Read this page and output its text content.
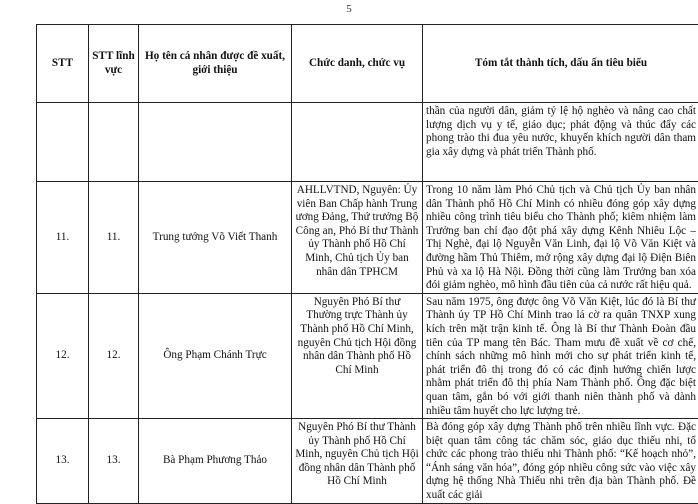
5
STT	STT lĩnh vực	Họ tên cá nhân được đề xuất, giới thiệu	Chức danh, chức vụ	Tóm tắt thành tích, dấu ấn tiêu biểu
				thần của người dân, giảm tỷ lệ hộ nghèo và nâng cao chất lượng dịch vụ y tế, giáo dục; phát động và thúc đẩy các phong trào thi đua yêu nước, khuyến khích người dân tham gia xây dựng và phát triển Thành phố.
11.	11.	Trung tướng Võ Viết Thanh	AHLLVTND, Nguyên: Ủy viên Ban Chấp hành Trung ương Đảng, Thứ trưởng Bộ Công an, Phó Bí thư Thành ủy Thành phố Hồ Chí Minh, Chủ tịch Ủy ban nhân dân TPHCM	Trong 10 năm làm Phó Chủ tịch và Chủ tịch Ủy ban nhân dân Thành phố Hồ Chí Minh có nhiều đóng góp xây dựng nhiều công trình tiêu biểu cho Thành phố; kiêm nhiệm làm Trưởng ban chỉ đạo đột phá xây dựng Kênh Nhiêu Lộc – Thị Nghè, đại lộ Nguyễn Văn Linh, đại lộ Võ Văn Kiệt và đường hầm Thủ Thiêm, mở rộng xây dựng đại lộ Điện Biên Phủ và xa lộ Hà Nội. Đồng thời cũng làm Trưởng ban xóa đói giảm nghèo, mô hình đầu tiên của cả nước rất hiệu quả.
12.	12.	Ông Phạm Chánh Trực	Nguyên Phó Bí thư Thường trực Thành ủy Thành phố Hồ Chí Minh, nguyên Chủ tịch Hội đồng nhân dân Thành phố Hồ Chí Minh	Sau năm 1975, ông được ông Võ Văn Kiệt, lúc đó là Bí thư Thành ủy TP Hồ Chí Minh trao lá cờ ra quân TNXP xung kích trên mặt trận kinh tế. Ông là Bí thư Thành Đoàn đầu tiên của TP mang tên Bác. Tham mưu đề xuất về cơ chế, chính sách những mô hình mới cho sự phát triển kinh tế, phát triển đô thị trong đó có các định hướng chiến lược nhằm phát triển đô thị phía Nam Thành phố. Ông đặc biệt quan tâm, gắn bó với giới thanh niên thành phố và dành nhiều tâm huyết cho lực lượng trẻ.
13.	13.	Bà Phạm Phương Thảo	Nguyên Phó Bí thư Thành ủy Thành phố Hồ Chí Minh, nguyên Chủ tịch Hội đồng nhân dân Thành phố Hồ Chí Minh	Bà đóng góp xây dựng Thành phố trên nhiều lĩnh vực. Đặc biệt quan tâm công tác chăm sóc, giáo dục thiếu nhi, tổ chức các phong trào thiếu nhi Thành phố: “Kế hoạch nhỏ”, “Ánh sáng văn hóa”, đóng góp nhiều công sức vào việc xây dựng hệ thống Nhà Thiếu nhi trên địa bàn Thành phố. Đề xuất các giải
